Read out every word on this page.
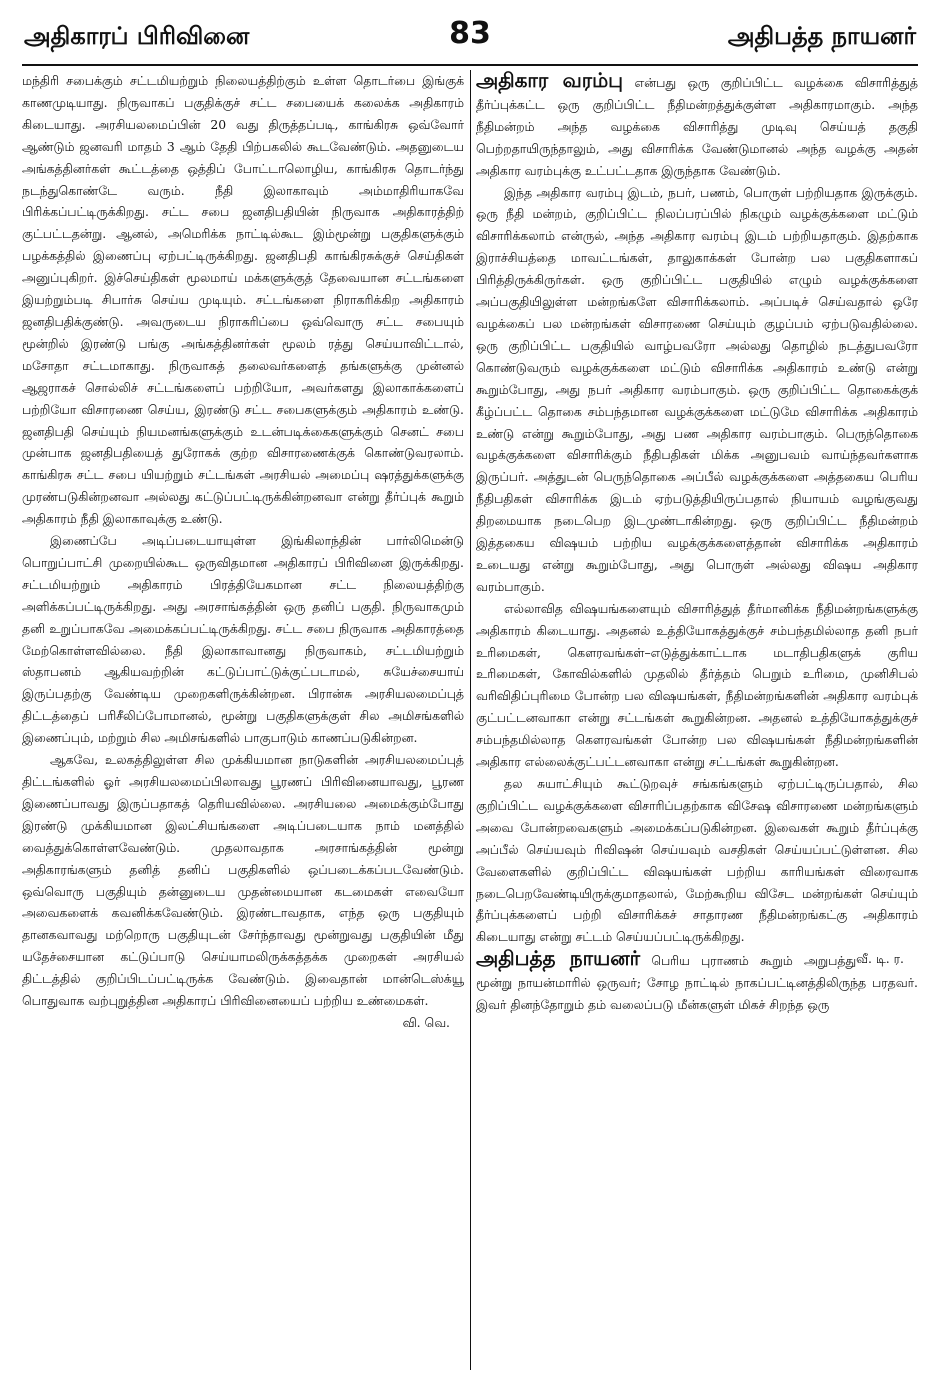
அதிகாரப் பிரிவினை	83	அதிபத்த நாயனர்

மந்திரி சபைக்கும் சட்டமியற்றும் நிலையத்திற்கும் உள்ள தொடர்பை இங்குக் காணமுடியாது. நிருவாகப் பகுதிக்குச் சட்ட சபையைக் கலைக்க அதிகாரம் கிடையாது. அரசியலமைப்பின் 20 வது திருத்தப்படி, காங்கிரசு ஒவ்வோர் ஆண்டும் ஜனவரி மாதம் 3 ஆம் தேதி பிற்பகலில் கூடவேண்டும். அதனுடைய அங்கத்தினர்கள் கூட்டத்தை ஒத்திப் போட்டாலொழிய, காங்கிரசு தொடர்ந்து நடந்துகொண்டே வரும். நீதி இலாகாவும் அம்மாதிரியாகவே பிரிக்கப்பட்டிருக்கிறது. சட்ட சபை ஜனதிபதியின் நிருவாக அதிகாரத்திற் குட்பட்டதன்று. ஆனல், அமெரிக்க நாட்டில்கூட இம்மூன்று பகுதிகளுக்கும் பழக்கத்தில் இணைப்பு ஏற்பட்டிருக்கிறது. ஜனதிபதி காங்கிரசுக்குச் செய்திகள் அனுப்புகிறர். இச்செய்திகள் மூலமாய் மக்களுக்குத் தேவையான சட்டங்களை இயற்றும்படி சிபார்சு செய்ய முடியும். சட்டங்களை நிராகரிக்கிற அதிகாரம் ஜனதிபதிக்குண்டு. அவருடைய நிராகரிப்பை ஒவ்வொரு சட்ட சபையும் மூன்றில் இரண்டு பங்கு அங்கத்தினர்கள் மூலம் ரத்து செய்யாவிட்டால், மசோதா சட்டமாகாது. நிருவாகத் தலைவர்களைத் தங்களுக்கு முன்னல் ஆஜராகச் சொல்லிச் சட்டங்களைப் பற்றியோ, அவர்களது இலாகாக்களைப் பற்றியோ விசாரணை செய்ய, இரண்டு சட்ட சபைகளுக்கும் அதிகாரம் உண்டு. ஜனதிபதி செய்யும் நியமனங்களுக்கும் உடன்படிக்கைகளுக்கும் செனட் சபை முன்பாக ஜனதிபதியைத் துரோகக் குற்ற விசாரணைக்குக் கொண்டுவரலாம். காங்கிரசு சட்ட சபை யியற்றும் சட்டங்கள் அரசியல் அமைப்பு ஷரத்துக்களுக்கு முரண்படுகின்றனவா அல்லது கட்டுப்பட்டிருக்கின்றனவா என்று தீர்ப்புக் கூறும் அதிகாரம் நீதி இலாகாவுக்கு உண்டு.

இணைப்பே அடிப்படையாயுள்ள இங்கிலாந்தின் பார்லிமென்டு பொறுப்பாட்சி முறையில்கூட ஒருவிதமான அதிகாரப் பிரிவினை இருக்கிறது. சட்டமியற்றும் அதிகாரம் பிரத்தியேகமான சட்ட நிலையத்திற்கு அளிக்கப்பட்டிருக்கிறது. அது அரசாங்கத்தின் ஒரு தனிப் பகுதி. நிருவாகமும் தனி உறுப்பாகவே அமைக்கப்பட்டிருக்கிறது. சட்ட சபை நிருவாக அதிகாரத்தை மேற்கொள்ளவில்லை. நீதி இலாகாவானது நிருவாகம், சட்டமியற்றும் ஸ்தாபனம் ஆகியவற்றின் கட்டுப்பாட்டுக்குட்படாமல், சுயேச்சையாய் இருப்பதற்கு வேண்டிய முறைகளிருக்கின்றன. பிரான்சு அரசியலமைப்புத் திட்டத்தைப் பரிசீலிப்போமானல், மூன்று பகுதிகளுக்குள் சில அமிசங்களில் இணைப்பும், மற்றும் சில அமிசங்களில் பாகுபாடும் காணப்படுகின்றன.

ஆகவே, உலகத்திலுள்ள சில முக்கியமான நாடுகளின் அரசியலமைப்புத் திட்டங்களில் ஓர் அரசியலமைப்பிலாவது பூரணப் பிரிவினையாவது, பூரண இணைப்பாவது இருப்பதாகத் தெரியவில்லை. அரசியலை அமைக்கும்போது இரண்டு முக்கியமான இலட்சியங்களை அடிப்படையாக நாம் மனத்தில் வைத்துக்கொள்ளவேண்டும். முதலாவதாக அரசாங்கத்தின் மூன்று அதிகாரங்களும் தனித் தனிப் பகுதிகளில் ஒப்படைக்கப்படவேண்டும். ஒவ்வொரு பகுதியும் தன்னுடைய முதன்மையான கடமைகள் எவையோ அவைகளைக் கவனிக்கவேண்டும். இரண்டாவதாக, எந்த ஒரு பகுதியும் தானகவாவது மற்றொரு பகுதியுடன் சேர்ந்தாவது மூன்றுவது பகுதியின் மீது யதேச்சையான கட்டுப்பாடு செய்யாமலிருக்கத்தக்க முறைகள் அரசியல் திட்டத்தில் குறிப்பிடப்பட்டிருக்க வேண்டும். இவைதான் மான்டெஸ்க்யூ பொதுவாக வற்புறுத்தின அதிகாரப் பிரிவினையைப் பற்றிய உண்மைகள்.

வி. வெ.

அதிகார வரம்பு என்பது ஒரு குறிப்பிட்ட வழக்கை விசாரித்துத் தீர்ப்புக்கட்ட ஒரு குறிப்பிட்ட நீதிமன்றத்துக்குள்ள அதிகாரமாகும். அந்த நீதிமன்றம் அந்த வழக்கை விசாரித்து முடிவு செய்யத் தகுதி பெற்றதாயிருந்தாலும், அது விசாரிக்க வேண்டுமானல் அந்த வழக்கு அதன் அதிகார வரம்புக்கு உட்பட்டதாக இருந்தாக வேண்டும்.

இந்த அதிகார வரம்பு இடம், நபர், பணம், பொருள் பற்றியதாக இருக்கும். ஒரு நீதி மன்றம், குறிப்பிட்ட நிலப்பரப்பில் நிகழும் வழக்குக்களை மட்டும் விசாரிக்கலாம் என்ருல், அந்த அதிகார வரம்பு இடம் பற்றியதாகும். இதற்காக இராச்சியத்தை மாவட்டங்கள், தாலுகாக்கள் போன்ற பல பகுதிகளாகப் பிரித்திருக்கிருர்கள். ஒரு குறிப்பிட்ட பகுதியில் எழும் வழக்குக்களை அப்பகுதியிலுள்ள மன்றங்களே விசாரிக்கலாம். அப்படிச் செய்வதால் ஒரே வழக்கைப் பல மன்றங்கள் விசாரணை செய்யும் குழப்பம் ஏற்படுவதில்லை. ஒரு குறிப்பிட்ட பகுதியில் வாழ்பவரோ அல்லது தொழில் நடத்துபவரோ கொண்டுவரும் வழக்குக்களை மட்டும் விசாரிக்க அதிகாரம் உண்டு என்று கூறும்போது, அது நபர் அதிகார வரம்பாகும். ஒரு குறிப்பிட்ட தொகைக்குக் கீழ்ப்பட்ட தொகை சம்பந்தமான வழக்குக்களை மட்டுமே விசாரிக்க அதிகாரம் உண்டு என்று கூறும்போது, அது பண அதிகார வரம்பாகும். பெருந்தொகை வழக்குக்களை விசாரிக்கும் நீதிபதிகள் மிக்க அனுபவம் வாய்ந்தவர்களாக இருப்பர். அத்துடன் பெருந்தொகை அப்பீல் வழக்குக்களை அத்தகைய பெரிய நீதிபதிகள் விசாரிக்க இடம் ஏற்படுத்தியிருப்பதால் நியாயம் வழங்குவது திறமையாக நடைபெற இடமுண்டாகின்றது. ஒரு குறிப்பிட்ட நீதிமன்றம் இத்தகைய விஷயம் பற்றிய வழக்குக்களைத்தான் விசாரிக்க அதிகாரம் உடையது என்று கூறும்போது, அது பொருள் அல்லது விஷய அதிகார வரம்பாகும்.

எல்லாவித விஷயங்களையும் விசாரித்துத் தீர்மானிக்க நீதிமன்றங்களுக்கு அதிகாரம் கிடையாது. அதனல் உத்தியோகத்துக்குச் சம்பந்தமில்லாத தனி நபர் உரிமைகள், கௌரவங்கள்–எடுத்துக்காட்டாக மடாதிபதிகளுக் குரிய உரிமைகள், கோவில்களில் முதலில் தீர்த்தம் பெறும் உரிமை, முனிசிபல் வரிவிதிப்புரிமை போன்ற பல விஷயங்கள், நீதிமன்றங்களின் அதிகார வரம்புக் குட்பட்டனவாகா என்று சட்டங்கள் கூறுகின்றன. அதனல் உத்தியோகத்துக்குச் சம்பந்தமில்லாத கௌரவங்கள் போன்ற பல விஷயங்கள் நீதிமன்றங்களின் அதிகார எல்லைக்குட்பட்டனவாகா என்று சட்டங்கள் கூறுகின்றன.

தல சுயாட்சியும் கூட்டுறவுச் சங்கங்களும் ஏற்பட்டிருப்பதால், சில குறிப்பிட்ட வழக்குக்களை விசாரிப்பதற்காக விசேஷ விசாரணை மன்றங்களும் அவை போன்றவைகளும் அமைக்கப்படுகின்றன. இவைகள் கூறும் தீர்ப்புக்கு அப்பீல் செய்யவும் ரிவிஷன் செய்யவும் வசதிகள் செய்யப்பட்டுள்ளன. சில வேளைகளில் குறிப்பிட்ட விஷயங்கள் பற்றிய காரியங்கள் விரைவாக நடைபெறவேண்டியிருக்குமாதலால், மேற்கூறிய விசேட மன்றங்கள் செய்யும் தீர்ப்புக்களைப் பற்றி விசாரிக்கச் சாதாரண நீதிமன்றங்கட்கு அதிகாரம் கிடையாது என்று சட்டம் செய்யப்பட்டிருக்கிறது.

வீ. டி. ர.

அதிபத்த நாயனர் பெரிய புராணம் கூறும் அறுபத்து மூன்று நாயன்மாரில் ஒருவர்; சோழ நாட்டில் நாகப்பட்டினத்திலிருந்த பரதவர். இவர் தினந்தோறும் தம் வலைப்படு மீன்களுள் மிகச் சிறந்த ஒரு
